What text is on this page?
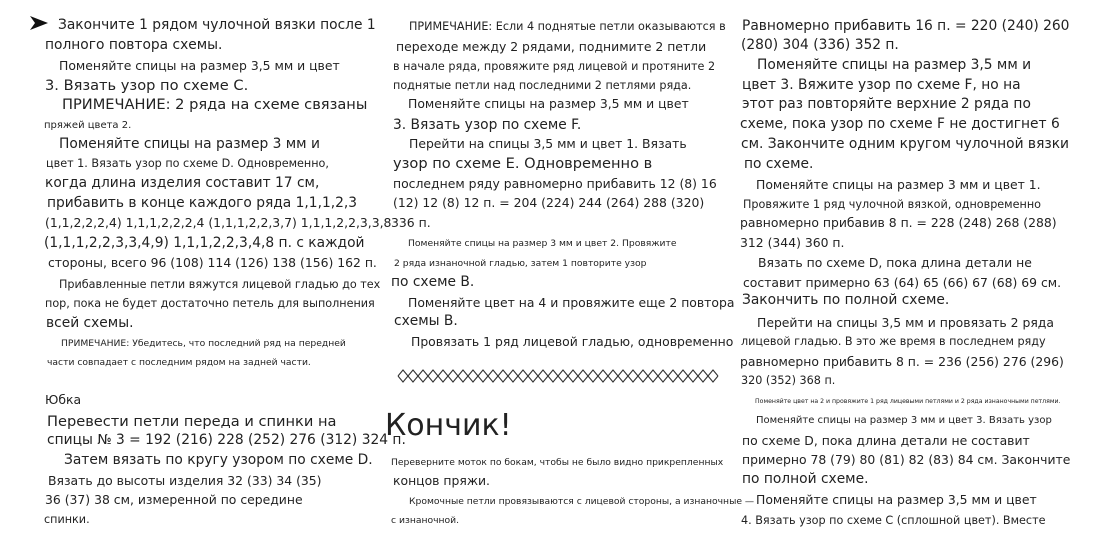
Закончите 1 рядом чулочной вязки после 1
полного повтора схемы.
Поменяйте спицы на размер 3,5 мм и цвет
3. Вязать узор по схеме С.
ПРИМЕЧАНИЕ: 2 ряда на схеме связаны
пряжей цвета 2.
Поменяйте спицы на размер 3 мм и
цвет 1. Вязать узор по схеме D. Одновременно,
когда длина изделия составит 17 см,
прибавить в конце каждого ряда 1,1,1,2,3
(1,1,2,2,2,4) 1,1,1,2,2,2,4 (1,1,1,2,2,3,7) 1,1,1,2,2,3,3,8
(1,1,1,2,2,3,3,4,9) 1,1,1,2,2,3,4,8 п. с каждой
стороны, всего 96 (108) 114 (126) 138 (156) 162 п.
Прибавленные петли вяжутся лицевой гладью до тех
пор, пока не будет достаточно петель для выполнения
всей схемы.
ПРИМЕЧАНИЕ: Убедитесь, что последний ряд на передней
части совпадает с последним рядом на задней части.
Юбка
Перевести петли переда и спинки на
спицы № 3 = 192 (216) 228 (252) 276 (312) 324 п.
Затем вязать по кругу узором по схеме D.
Вязать до высоты изделия 32 (33) 34 (35)
36 (37) 38 см, измеренной по середине
спинки.
ПРИМЕЧАНИЕ: Если 4 поднятые петли оказываются в
переходе между 2 рядами, поднимите 2 петли
в начале ряда, провяжите ряд лицевой и протяните 2
поднятые петли над последними 2 петлями ряда.
Поменяйте спицы на размер 3,5 мм и цвет
3. Вязать узор по схеме F.
Перейти на спицы 3,5 мм и цвет 1. Вязать
узор по схеме Е. Одновременно в
последнем ряду равномерно прибавить 12 (8) 16
(12) 12 (8) 12 п. = 204 (224) 244 (264) 288 (320)
336 п.
Поменяйте спицы на размер 3 мм и цвет 2. Провяжите
2 ряда изнаночной гладью, затем 1 повторите узор
по схеме В.
Поменяйте цвет на 4 и провяжите еще 2 повтора
схемы В.
Провязать 1 ряд лицевой гладью, одновременно
Кончик!
Переверните моток по бокам, чтобы не было видно прикрепленных
концов пряжи.
Кромочные петли провязываются с лицевой стороны, а изнаночные —
с изнаночной.
Равномерно прибавить 16 п. = 220 (240) 260
(280) 304 (336) 352 п.
Поменяйте спицы на размер 3,5 мм и
цвет 3. Вяжите узор по схеме F, но на
этот раз повторяйте верхние 2 ряда по
схеме, пока узор по схеме F не достигнет 6
см. Закончите одним кругом чулочной вязки
по схеме.
Поменяйте спицы на размер 3 мм и цвет 1.
Провяжите 1 ряд чулочной вязкой, одновременно
равномерно прибавив 8 п. = 228 (248) 268 (288)
312 (344) 360 п.
Вязать по схеме D, пока длина детали не
составит примерно 63 (64) 65 (66) 67 (68) 69 см.
Закончить по полной схеме.
Перейти на спицы 3,5 мм и провязать 2 ряда
лицевой гладью. В это же время в последнем ряду
равномерно прибавить 8 п. = 236 (256) 276 (296)
320 (352) 368 п.
Поменяйте цвет на 2 и провяжите 1 ряд лицевыми петлями и 2 ряда изнаночными петлями.
Поменяйте спицы на размер 3 мм и цвет 3. Вязать узор
по схеме D, пока длина детали не составит
примерно 78 (79) 80 (81) 82 (83) 84 см. Закончите
по полной схеме.
Поменяйте спицы на размер 3,5 мм и цвет
4. Вязать узор по схеме С (сплошной цвет). Вместе
